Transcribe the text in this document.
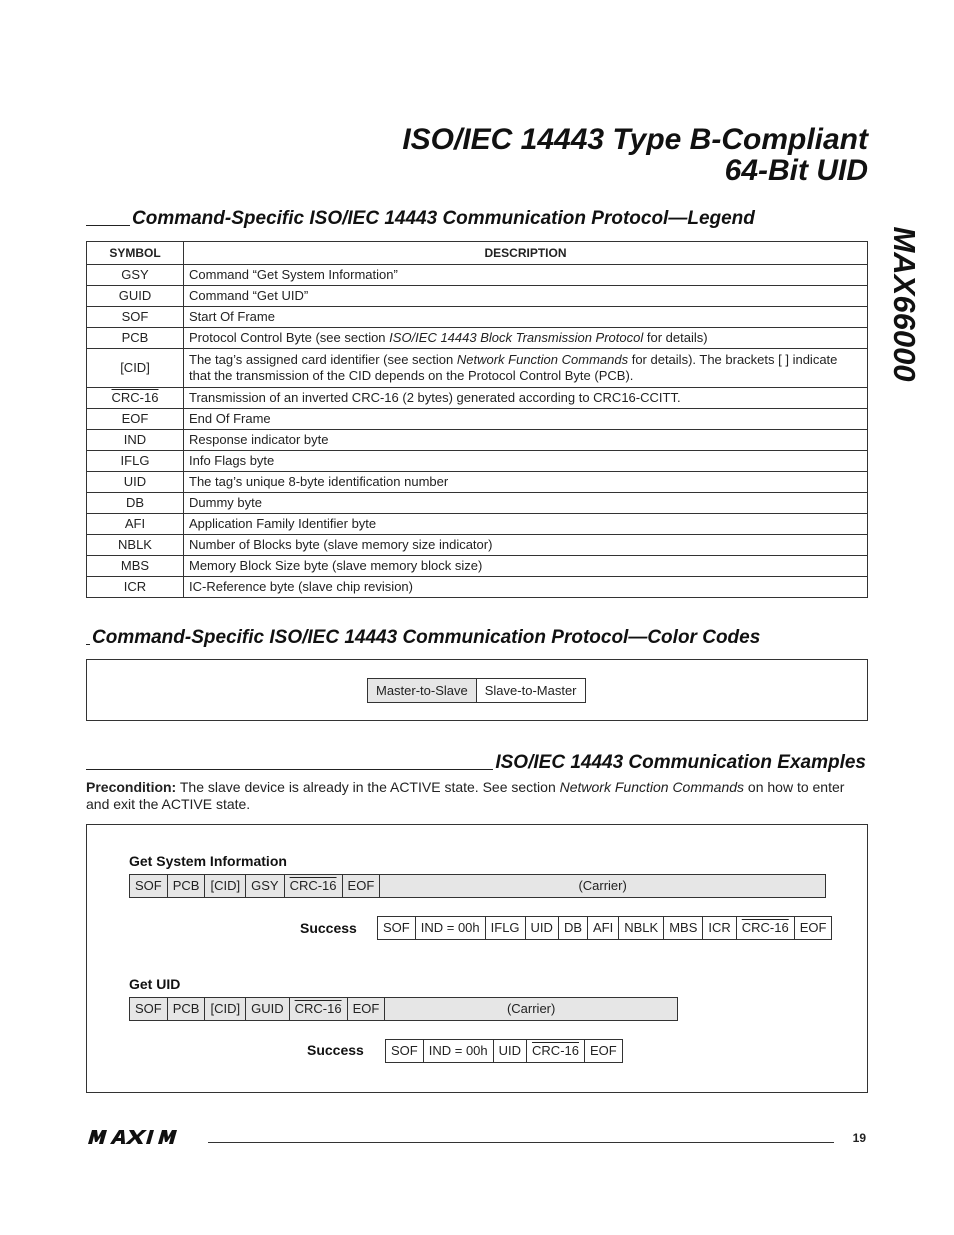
ISO/IEC 14443 Type B-Compliant
64-Bit UID
MAX66000
Command-Specific ISO/IEC 14443 Communication Protocol—Legend
SYMBOL	DESCRIPTION
GSY	Command “Get System Information”
GUID	Command “Get UID”
SOF	Start Of Frame
PCB	Protocol Control Byte (see section ISO/IEC 14443 Block Transmission Protocol for details)
[CID]	The tag’s assigned card identifier (see section Network Function Commands for details). The brackets [ ] indicate that the transmission of the CID depends on the Protocol Control Byte (PCB).
CRC-16	Transmission of an inverted CRC-16 (2 bytes) generated according to CRC16-CCITT.
EOF	End Of Frame
IND	Response indicator byte
IFLG	Info Flags byte
UID	The tag’s unique 8-byte identification number
DB	Dummy byte
AFI	Application Family Identifier byte
NBLK	Number of Blocks byte (slave memory size indicator)
MBS	Memory Block Size byte (slave memory block size)
ICR	IC-Reference byte (slave chip revision)
Command-Specific ISO/IEC 14443 Communication Protocol—Color Codes
Master-to-Slave	Slave-to-Master
ISO/IEC 14443 Communication Examples
Precondition: The slave device is already in the ACTIVE state. See section Network Function Commands on how to enter and exit the ACTIVE state.
Get System Information
SOF PCB [CID] GSY CRC-16 EOF	(Carrier)
Success	SOF IND = 00h IFLG UID DB AFI NBLK MBS ICR CRC-16 EOF
Get UID
SOF PCB [CID] GUID CRC-16 EOF	(Carrier)
Success	SOF IND = 00h UID CRC-16 EOF
19
